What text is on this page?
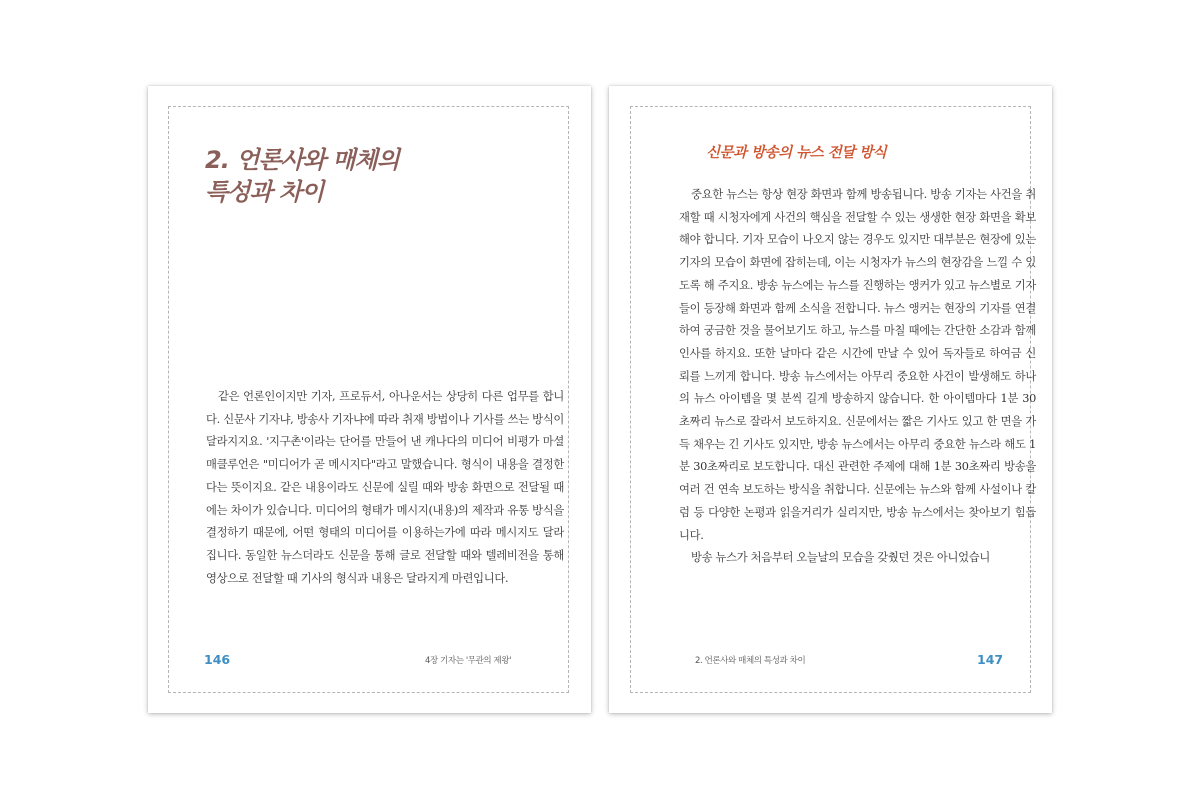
2. 언론사와 매체의
특성과 차이
같은 언론인이지만 기자, 프로듀서, 아나운서는 상당히 다른 업무를 합니다. 신문사 기자냐, 방송사 기자냐에 따라 취재 방법이나 기사를 쓰는 방식이 달라지지요. '지구촌'이라는 단어를 만들어 낸 캐나다의 미디어 비평가 마셜 매클루언은 "미디어가 곧 메시지다"라고 말했습니다. 형식이 내용을 결정한다는 뜻이지요. 같은 내용이라도 신문에 실릴 때와 방송 화면으로 전달될 때에는 차이가 있습니다. 미디어의 형태가 메시지(내용)의 제작과 유통 방식을 결정하기 때문에, 어떤 형태의 미디어를 이용하는가에 따라 메시지도 달라집니다. 동일한 뉴스더라도 신문을 통해 글로 전달할 때와 텔레비전을 통해 영상으로 전달할 때 기사의 형식과 내용은 달라지게 마련입니다.
146	4장 기자는 '무관의 제왕'
신문과 방송의 뉴스 전달 방식
중요한 뉴스는 항상 현장 화면과 함께 방송됩니다. 방송 기자는 사건을 취재할 때 시청자에게 사건의 핵심을 전달할 수 있는 생생한 현장 화면을 확보해야 합니다. 기자 모습이 나오지 않는 경우도 있지만 대부분은 현장에 있는 기자의 모습이 화면에 잡히는데, 이는 시청자가 뉴스의 현장감을 느낄 수 있도록 해 주지요. 방송 뉴스에는 뉴스를 진행하는 앵커가 있고 뉴스별로 기자들이 등장해 화면과 함께 소식을 전합니다. 뉴스 앵커는 현장의 기자를 연결하여 궁금한 것을 물어보기도 하고, 뉴스를 마칠 때에는 간단한 소감과 함께 인사를 하지요. 또한 날마다 같은 시간에 만날 수 있어 독자들로 하여금 신뢰를 느끼게 합니다. 방송 뉴스에서는 아무리 중요한 사건이 발생해도 하나의 뉴스 아이템을 몇 분씩 길게 방송하지 않습니다. 한 아이템마다 1분 30초짜리 뉴스로 잘라서 보도하지요. 신문에서는 짧은 기사도 있고 한 면을 가득 채우는 긴 기사도 있지만, 방송 뉴스에서는 아무리 중요한 뉴스라 해도 1분 30초짜리로 보도합니다. 대신 관련한 주제에 대해 1분 30초짜리 방송을 여러 건 연속 보도하는 방식을 취합니다. 신문에는 뉴스와 함께 사설이나 칼럼 등 다양한 논평과 읽을거리가 실리지만, 방송 뉴스에서는 찾아보기 힘듭니다.
방송 뉴스가 처음부터 오늘날의 모습을 갖췄던 것은 아니었습니
2. 언론사와 매체의 특성과 차이	147
